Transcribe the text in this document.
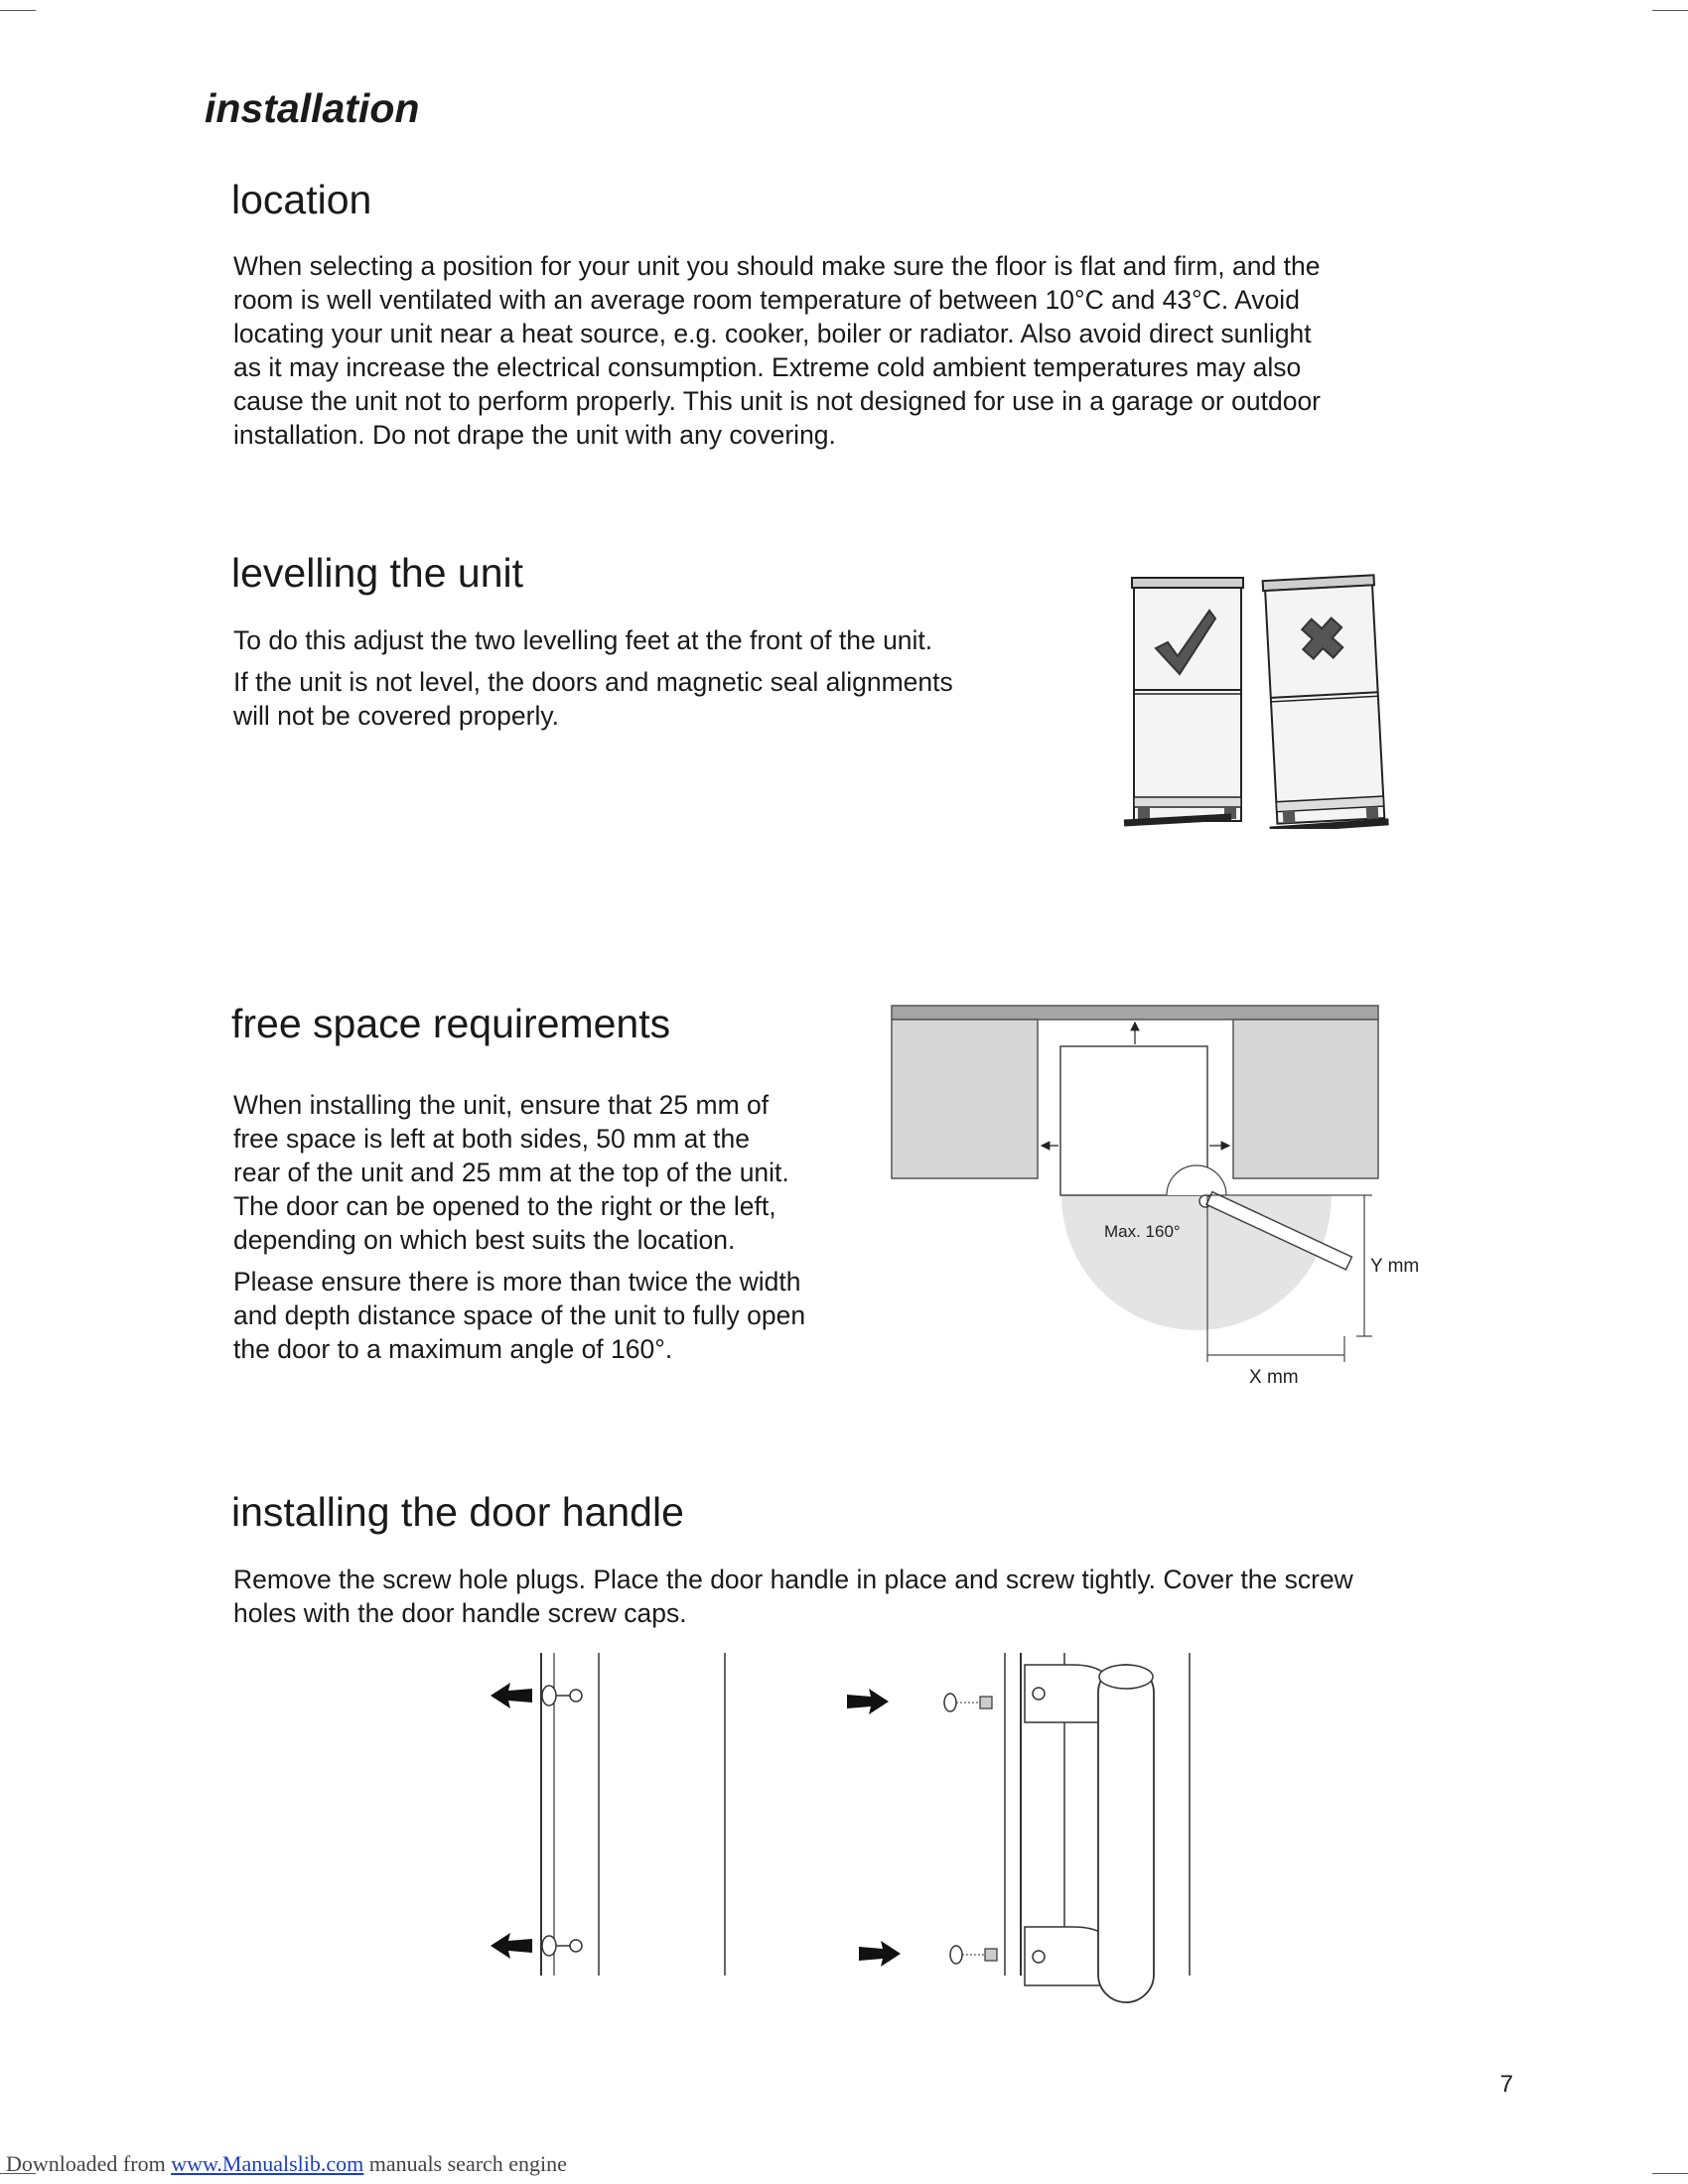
installation
location
When selecting a position for your unit you should make sure the floor is flat and firm, and the
room is well ventilated with an average room temperature of between 10°C and 43°C. Avoid
locating your unit near a heat source, e.g. cooker, boiler or radiator. Also avoid direct sunlight
as it may increase the electrical consumption. Extreme cold ambient temperatures may also
cause the unit not to perform properly. This unit is not designed for use in a garage or outdoor
installation. Do not drape the unit with any covering.
levelling the unit
To do this adjust the two levelling feet at the front of the unit.
If the unit is not level, the doors and magnetic seal alignments
will not be covered properly.
free space requirements
When installing the unit, ensure that 25 mm of
free space is left at both sides, 50 mm at the
rear of the unit and 25 mm at the top of the unit.
The door can be opened to the right or the left,
depending on which best suits the location.
Please ensure there is more than twice the width
and depth distance space of the unit to fully open
the door to a maximum angle of 160°.
Max. 160°
Y mm
X mm
installing the door handle
Remove the screw hole plugs. Place the door handle in place and screw tightly. Cover the screw
holes with the door handle screw caps.
7
Downloaded from www.Manualslib.com manuals search engine
